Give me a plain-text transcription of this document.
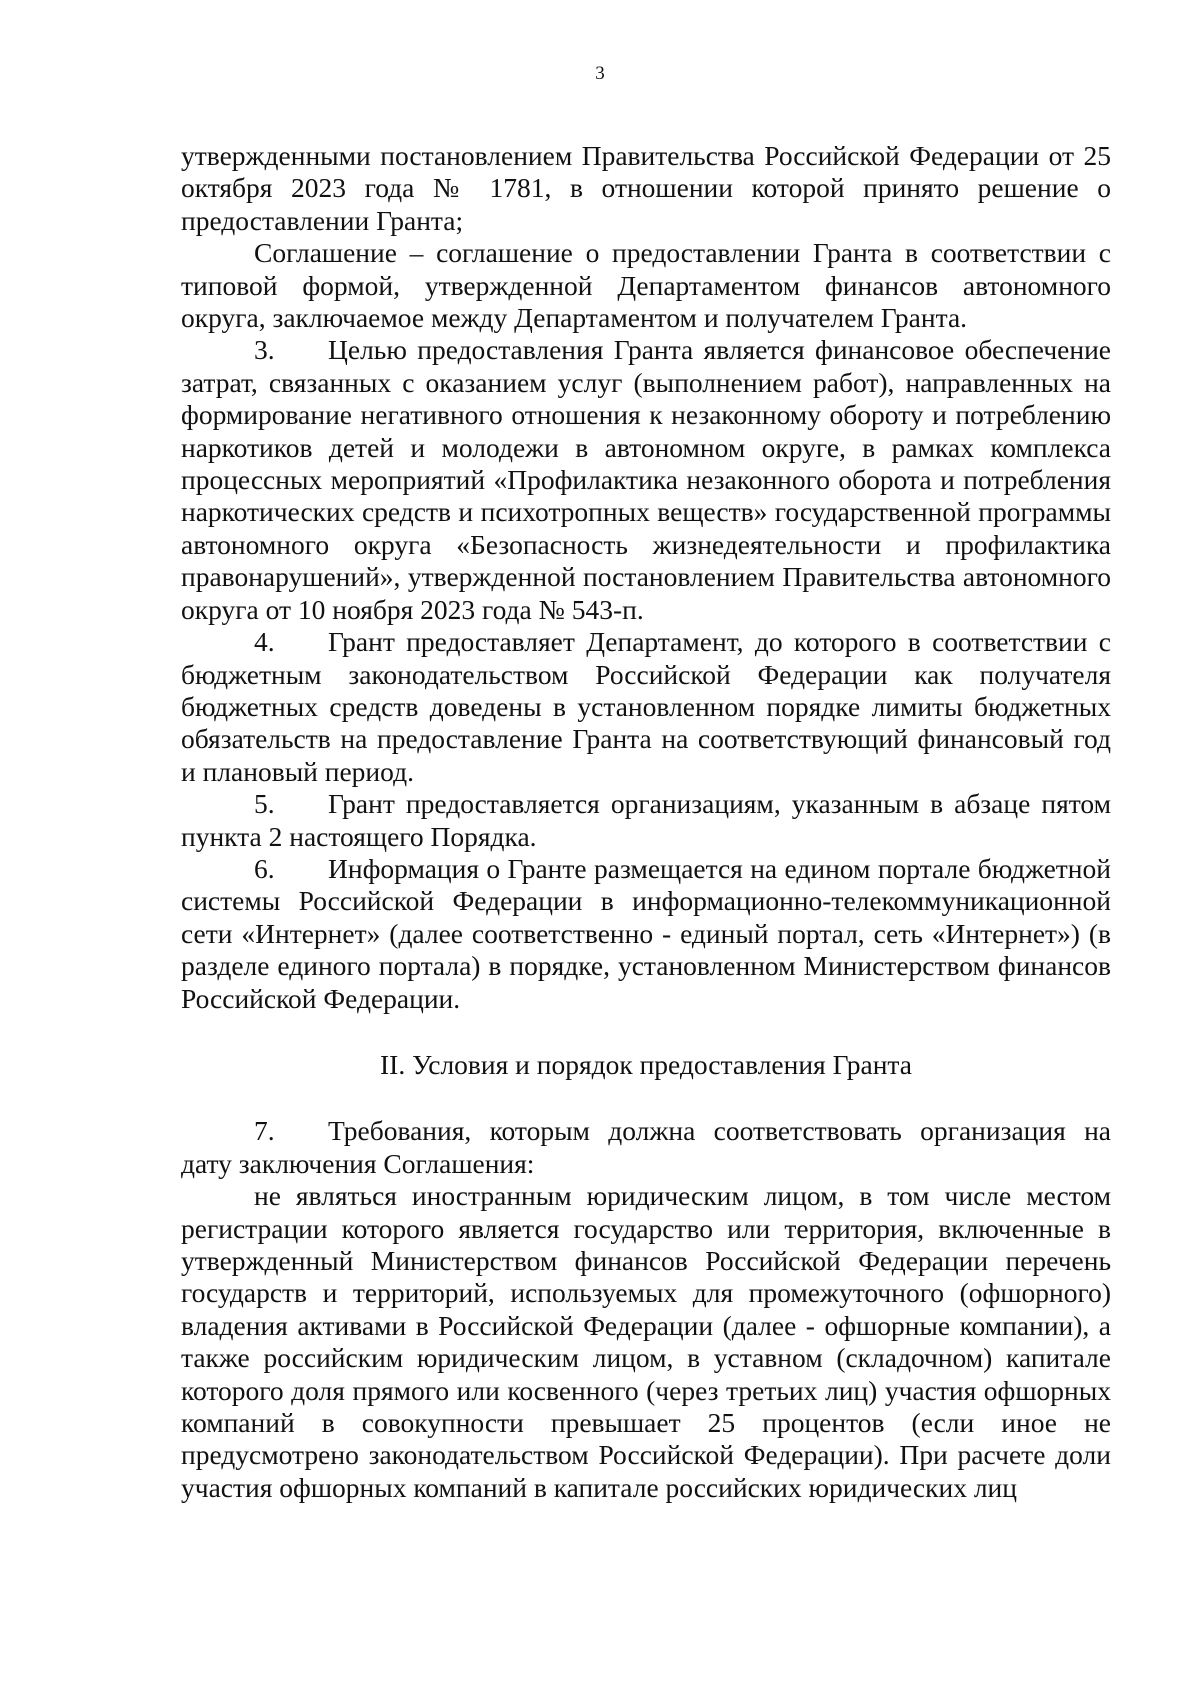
3

утвержденными постановлением Правительства Российской Федерации от 25 октября 2023 года № 1781, в отношении которой принято решение о предоставлении Гранта;

Соглашение – соглашение о предоставлении Гранта в соответствии с типовой формой, утвержденной Департаментом финансов автономного округа, заключаемое между Департаментом и получателем Гранта.

3. Целью предоставления Гранта является финансовое обеспечение затрат, связанных с оказанием услуг (выполнением работ), направленных на формирование негативного отношения к незаконному обороту и потреблению наркотиков детей и молодежи в автономном округе, в рамках комплекса процессных мероприятий «Профилактика незаконного оборота и потребления наркотических средств и психотропных веществ» государственной программы автономного округа «Безопасность жизнедеятельности и профилактика правонарушений», утвержденной постановлением Правительства автономного округа от 10 ноября 2023 года № 543-п.

4. Грант предоставляет Департамент, до которого в соответствии с бюджетным законодательством Российской Федерации как получателя бюджетных средств доведены в установленном порядке лимиты бюджетных обязательств на предоставление Гранта на соответствующий финансовый год и плановый период.

5. Грант предоставляется организациям, указанным в абзаце пятом пункта 2 настоящего Порядка.

6. Информация о Гранте размещается на едином портале бюджетной системы Российской Федерации в информационно-телекоммуникационной сети «Интернет» (далее соответственно - единый портал, сеть «Интернет») (в разделе единого портала) в порядке, установленном Министерством финансов Российской Федерации.

II. Условия и порядок предоставления Гранта

7. Требования, которым должна соответствовать организация на дату заключения Соглашения:

не являться иностранным юридическим лицом, в том числе местом регистрации которого является государство или территория, включенные в утвержденный Министерством финансов Российской Федерации перечень государств и территорий, используемых для промежуточного (офшорного) владения активами в Российской Федерации (далее - офшорные компании), а также российским юридическим лицом, в уставном (складочном) капитале которого доля прямого или косвенного (через третьих лиц) участия офшорных компаний в совокупности превышает 25 процентов (если иное не предусмотрено законодательством Российской Федерации). При расчете доли участия офшорных компаний в капитале российских юридических лиц
